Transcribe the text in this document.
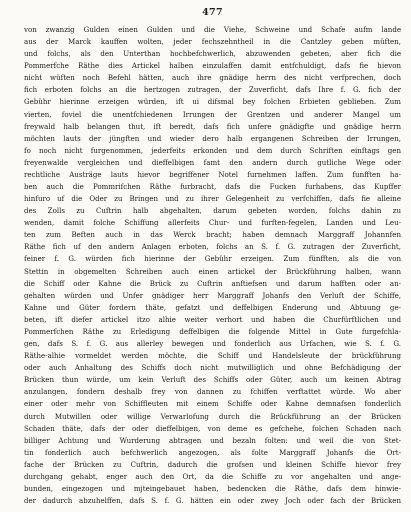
477
von zwanzig Gulden einen Gulden und die Viehe, Schweine und Schafe aufm lande
aus der Marck kauffen wolten, jeder fechszehntheil in die Cantzley geben müften,
und folchs, als den Unterthan hochbefchwerlich, abzuwenden gebeten, aber fich die
Pommerfche Räthe dies Artickel halben einzulaffen damit entfchuldigt, dafs fie hievon
nicht wüften noch Befehl hätten, auch ihre gnädige herrn des nicht verfprechen, doch
fich erboten folchs an die hertzogen zutragen, der Zuverficht, dafs Ihre f. G. fich der
Gebühr hierinne erzeigen würden, ift ui difsmal bey folchen Erbieten geblieben. Zum
vierten, foviel die unentfchiedenen Irrungen der Grentzen und anderer Mangel um
freywald halb belangen thut, ift beredt, dafs fich unfere gnädigfte und gnädige herrn
möchten lauts der jüngften und wieder dero halb ergangenen Schreiben der Irrungen,
fo noch nicht furgenommen, jederfeits erkonden und dem durch Schriften einftags gen
freyenwalde vergleichen und dieffelbigen famt den andern durch gutliche Wege oder
rechtliche Austräge lauts hievor begriffener Notel furnehmen laffen. Zum funfften ha-
ben auch die Pommrifchen Räthe furbracht, dafs die Fucken furhabens, das Kupffer
hinfuro uf die Oder zu Bringen und zu ihrer Gelegenheit zu verfchiffen, dafs fie alleine
des Zolls zu Cuftrin halb abgehalten, darum gebeten worden, folchs dahin zu
wenden, damit folche Schiffung allerfeits Chur- und furften-fegelen, Landen und Leu-
ten zum Beften auch in das Werck bracht; haben demnach Marggraff Johannfen
Räthe fich uf den andern Anlagen erboten, folchs an S. f. G. zutragen der Zuverficht,
feiner f. G. würden fich hierinne der Gebühr erzeigen. Zum fünfften, als die von
Stettin in obgemelten Schreiben auch einen artickel der Brückführung halben, wann
die Schiff oder Kahne die Brück zu Cuftrin anftiefsen und darum hafften oder an-
gehalten würden und Unfer gnädiger herr Marggraff Johanfs den Verluft der Schiffe,
Kahne und Güter fordern thäte, gefatzt und deffelbigen Enderung und Abtuung ge-
beten, ift diefer artickel itzo alhie weiter verhort und haben die Churfürftlichen und
Pommerfchen Räthe zu Erledigung deffelbigen die folgende Mittel in Gute furgefchla-
gen, dafs S. f. G. aus allerley bewegen und fonderlich aus Urfachen, wie S. f. G.
Räthe-alhie vormeldet werden möchte, die Schiff und Handelsleute der brückführung
oder auch Anhaltung des Schiffs doch nicht mutwilliglich und ohne Befchädigung der
Brücken thun würde, um kein Verluft des Schiffs oder Güter, auch um keinen Abtrag
anzulangen, fondern deshalb frey von dannen zu fchiffen verftattet würde. Wo aber
einer oder mehr von Schiffleuten mit einem Schiffe oder Kahne demnafsen fonderlich
durch Mutwillen oder willige Verwarlofung durch die Brückführung an der Brücken
Schaden thäte, dafs der oder dieffelbigen, von deme es gefchehe, folchen Schaden nach
billiger Achtung und Wurderung abtragen und bezaln folten: und weil die von Stet-
tin fonderlich auch befchwerlich angezogen, als folte Marggraff Johanfs die Ort-
fache der Brücken zu Cuftrin, dadurch die grofsen und kleinen Schiffe hievor frey
durchgang gehabt, enger auch den Ort, da die Schiffe zu vor angehalten und ange-
bunden, eingezogen und mjteingebauet haben, bedencken die Räthe, dafs dem hinwie-
der dadurch abzuhelffen, dafs S. f. G. hätten ein oder zwey Joch oder fach der Brücken
